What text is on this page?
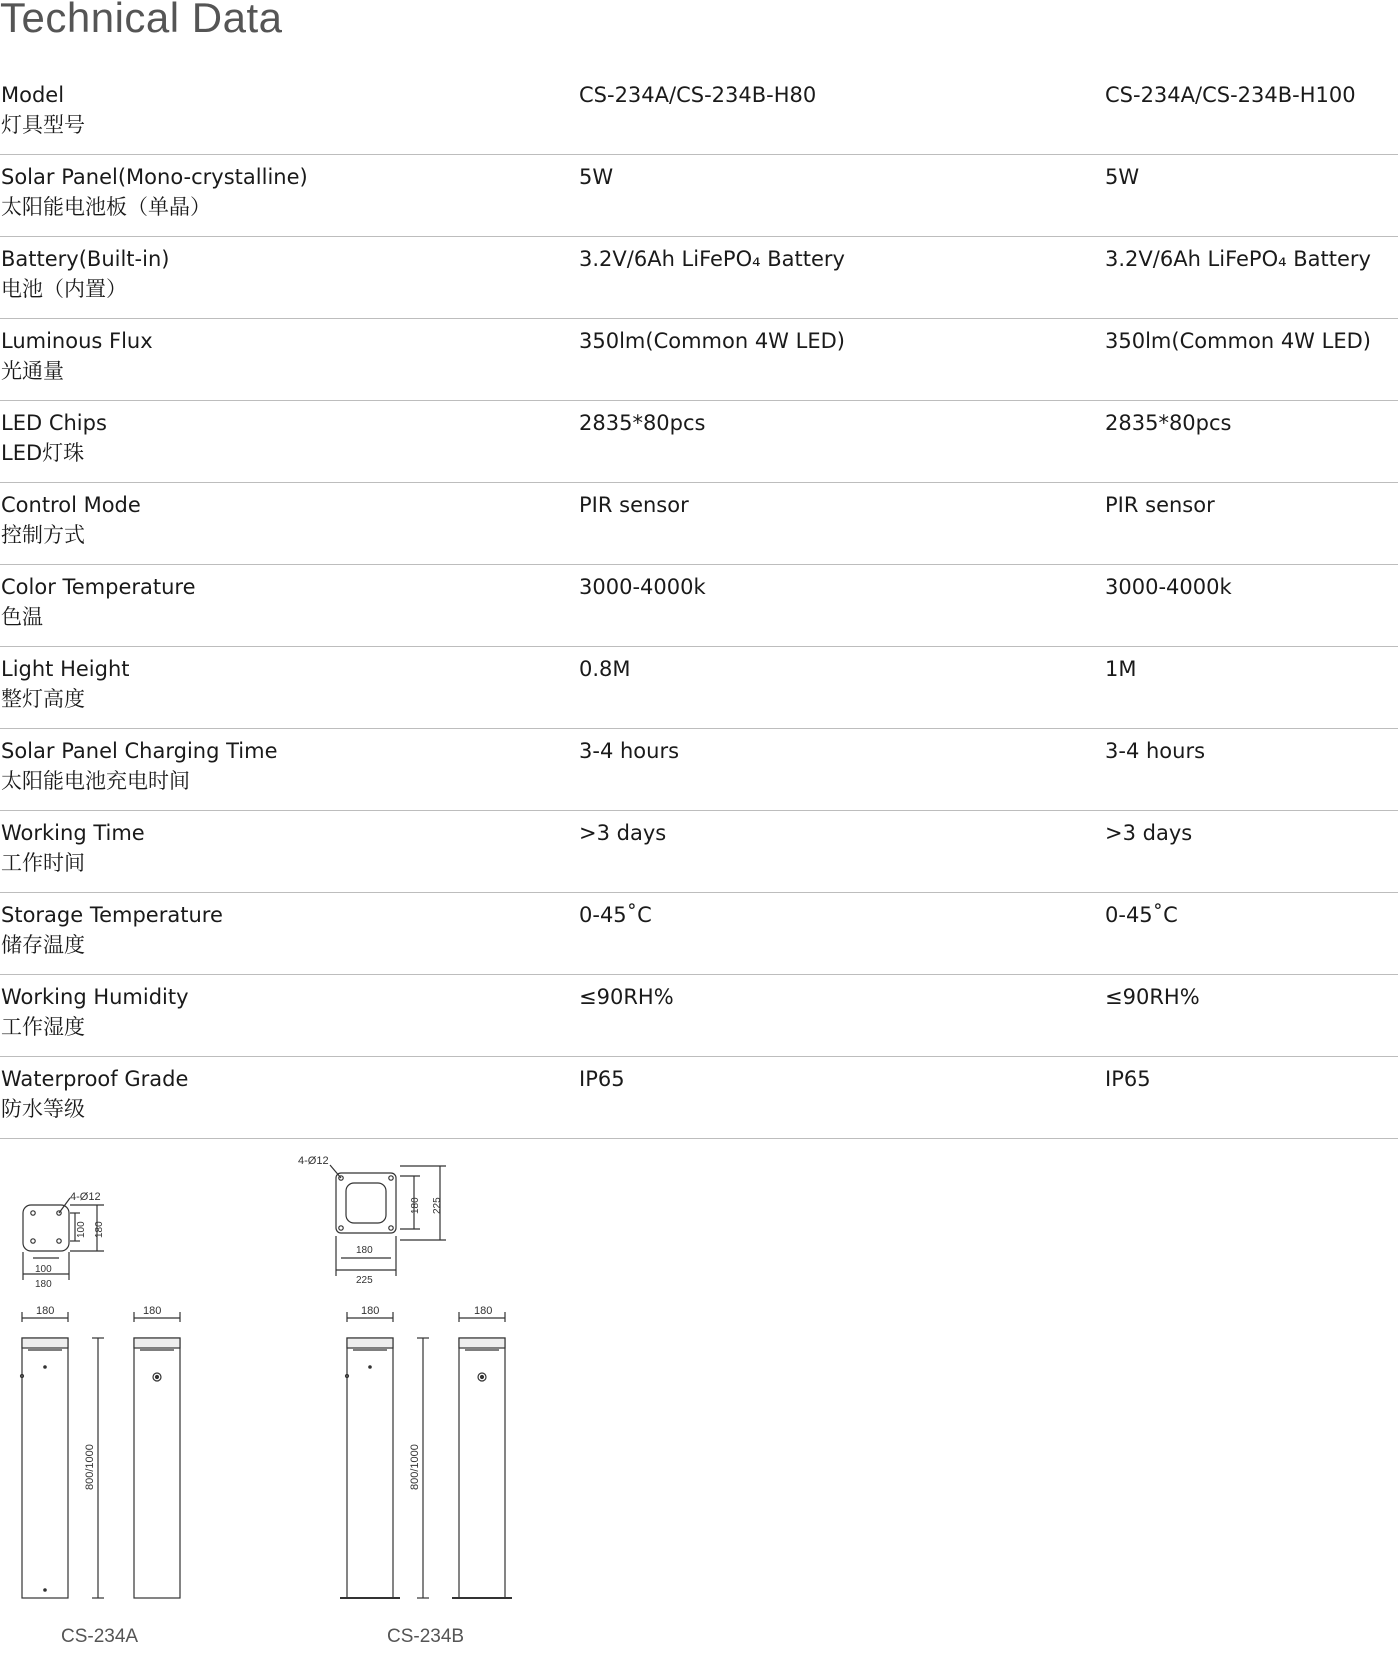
Technical Data
Model
灯具型号
CS-234A/CS-234B-H80	CS-234A/CS-234B-H100
Solar Panel(Mono-crystalline)
太阳能电池板（单晶）
5W	5W
Battery(Built-in)
电池（内置）
3.2V/6Ah LiFePO₄ Battery	3.2V/6Ah LiFePO₄ Battery
Luminous Flux
光通量
350lm(Common 4W LED)	350lm(Common 4W LED)
LED Chips
LED灯珠
2835*80pcs	2835*80pcs
Control Mode
控制方式
PIR sensor	PIR sensor
Color Temperature
色温
3000-4000k	3000-4000k
Light Height
整灯高度
0.8M	1M
Solar Panel Charging Time
太阳能电池充电时间
3-4 hours	3-4 hours
Working Time
工作时间
>3 days	>3 days
Storage Temperature
储存温度
0-45˚C	0-45˚C
Working Humidity
工作湿度
≤90RH%	≤90RH%
Waterproof Grade
防水等级
IP65	IP65
4-Ø12
100 180
100
180
180
800/1000
180
4-Ø12
180 225
180
225
180
800/1000
180
CS-234A	CS-234B
